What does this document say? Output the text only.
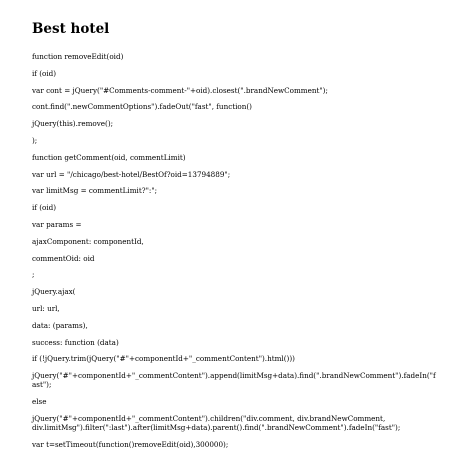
Best hotel
function removeEdit(oid)
if (oid)
var cont = jQuery("#Comments-comment-"+oid).closest(".brandNewComment");
cont.find(".newCommentOptions").fadeOut("fast", function()
jQuery(this).remove();
);
function getComment(oid, commentLimit)
var url = "/chicago/best-hotel/BestOf?oid=13794889";
var limitMsg = commentLimit?":";
if (oid)
var params =
ajaxComponent: componentId,
commentOid: oid
;
jQuery.ajax(
url: url,
data: (params),
success: function (data)
if (!jQuery.trim(jQuery("#"+componentId+"_commentContent").html()))
jQuery("#"+componentId+"_commentContent").append(limitMsg+data).find(".brandNewComment").fadeIn("fast");
else
jQuery("#"+componentId+"_commentContent").children("div.comment, div.brandNewComment, div.limitMsg").filter(":last").after(limitMsg+data).parent().find(".brandNewComment").fadeIn("fast");
var t=setTimeout(function()removeEdit(oid),300000);
